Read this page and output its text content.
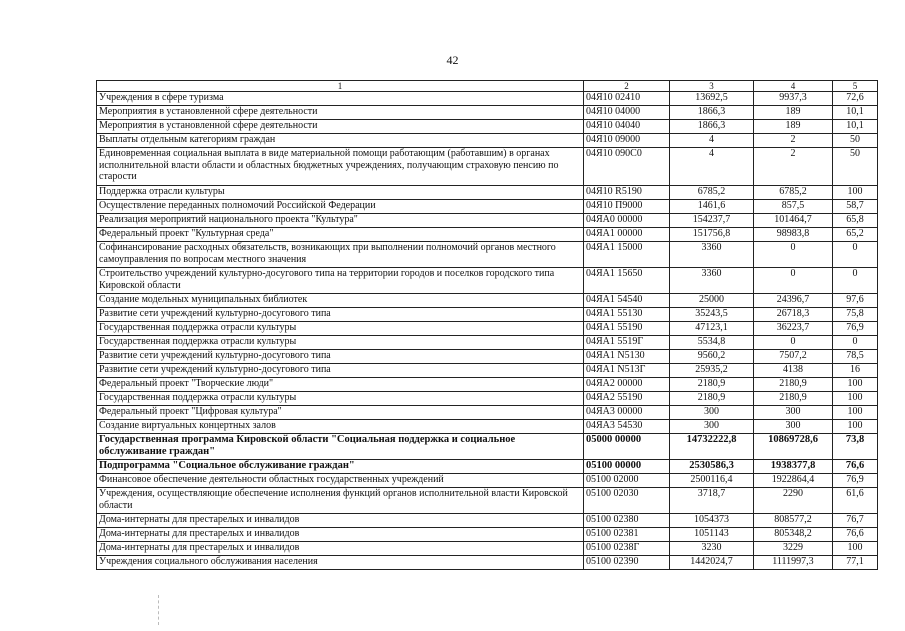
42
1	2	3	4	5
Учреждения в сфере туризма	04Я10 02410	13692,5	9937,3	72,6
Мероприятия в установленной сфере деятельности	04Я10 04000	1866,3	189	10,1
Мероприятия в установленной сфере деятельности	04Я10 04040	1866,3	189	10,1
Выплаты отдельным категориям граждан	04Я10 09000	4	2	50
Единовременная социальная выплата в виде материальной помощи работающим (работавшим) в органах исполнительной власти области и областных бюджетных учреждениях, получающим страховую пенсию по старости	04Я10 090С0	4	2	50
Поддержка отрасли культуры	04Я10 R5190	6785,2	6785,2	100
Осуществление переданных полномочий Российской Федерации	04Я10 П9000	1461,6	857,5	58,7
Реализация мероприятий национального проекта "Культура"	04ЯА0 00000	154237,7	101464,7	65,8
Федеральный проект "Культурная среда"	04ЯА1 00000	151756,8	98983,8	65,2
Софинансирование расходных обязательств, возникающих при выполнении полномочий органов местного самоуправления по вопросам местного значения	04ЯА1 15000	3360	0	0
Строительство учреждений культурно-досугового типа на территории городов и поселков городского типа Кировской области	04ЯА1 15650	3360	0	0
Создание модельных муниципальных библиотек	04ЯА1 54540	25000	24396,7	97,6
Развитие сети учреждений культурно-досугового типа	04ЯА1 55130	35243,5	26718,3	75,8
Государственная поддержка отрасли культуры	04ЯА1 55190	47123,1	36223,7	76,9
Государственная поддержка отрасли культуры	04ЯА1 5519Г	5534,8	0	0
Развитие сети учреждений культурно-досугового типа	04ЯА1 N5130	9560,2	7507,2	78,5
Развитие сети учреждений культурно-досугового типа	04ЯА1 N513Г	25935,2	4138	16
Федеральный проект "Творческие люди"	04ЯА2 00000	2180,9	2180,9	100
Государственная поддержка отрасли культуры	04ЯА2 55190	2180,9	2180,9	100
Федеральный проект "Цифровая культура"	04ЯА3 00000	300	300	100
Создание виртуальных концертных залов	04ЯА3 54530	300	300	100
Государственная программа Кировской области "Социальная поддержка и социальное обслуживание граждан"	05000 00000	14732222,8	10869728,6	73,8
Подпрограмма "Социальное обслуживание граждан"	05100 00000	2530586,3	1938377,8	76,6
Финансовое обеспечение деятельности областных государственных учреждений	05100 02000	2500116,4	1922864,4	76,9
Учреждения, осуществляющие обеспечение исполнения функций органов исполнительной власти Кировской области	05100 02030	3718,7	2290	61,6
Дома-интернаты для престарелых и инвалидов	05100 02380	1054373	808577,2	76,7
Дома-интернаты для престарелых и инвалидов	05100 02381	1051143	805348,2	76,6
Дома-интернаты для престарелых и инвалидов	05100 0238Г	3230	3229	100
Учреждения социального обслуживания населения	05100 02390	1442024,7	1111997,3	77,1
